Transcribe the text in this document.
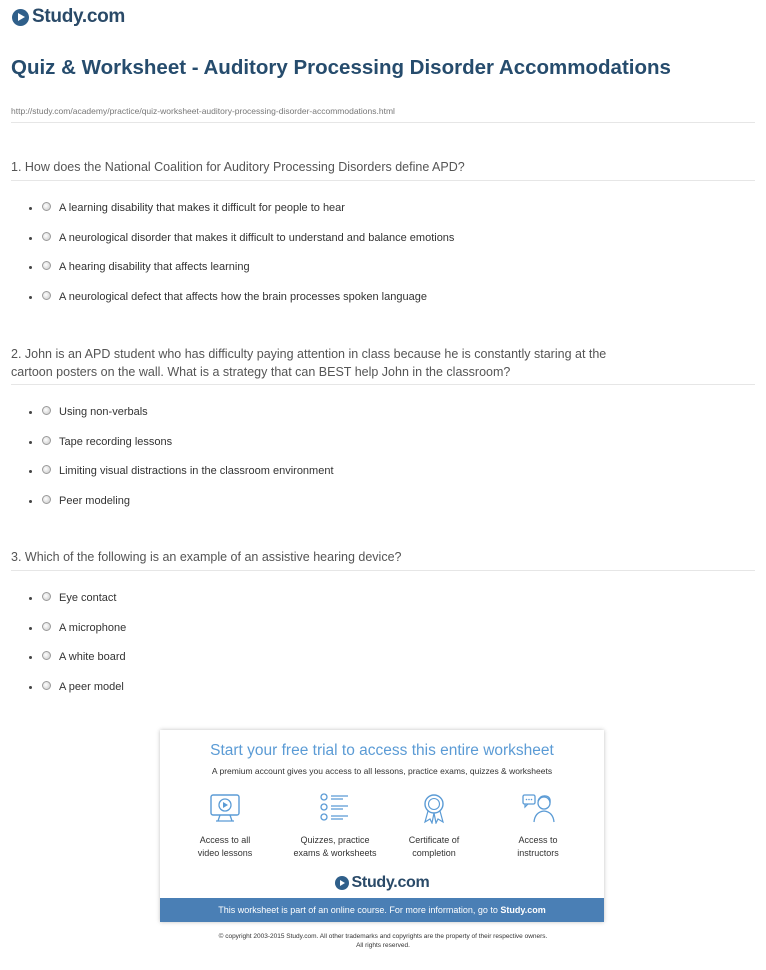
Study.com
Quiz & Worksheet - Auditory Processing Disorder Accommodations
http://study.com/academy/practice/quiz-worksheet-auditory-processing-disorder-accommodations.html

1. How does the National Coalition for Auditory Processing Disorders define APD?

A learning disability that makes it difficult for people to hear
A neurological disorder that makes it difficult to understand and balance emotions
A hearing disability that affects learning
A neurological defect that affects how the brain processes spoken language

2. John is an APD student who has difficulty paying attention in class because he is constantly staring at the cartoon posters on the wall. What is a strategy that can BEST help John in the classroom?

Using non-verbals
Tape recording lessons
Limiting visual distractions in the classroom environment
Peer modeling

3. Which of the following is an example of an assistive hearing device?

Eye contact
A microphone
A white board
A peer model
Start your free trial to access this entire worksheet
A premium account gives you access to all lessons, practice exams, quizzes & worksheets
Access to all
video lessons
Quizzes, practice
exams & worksheets
Certificate of
completion
Access to
instructors
Study.com
This worksheet is part of an online course. For more information, go to Study.com
© copyright 2003-2015 Study.com. All other trademarks and copyrights are the property of their respective owners.
All rights reserved.
